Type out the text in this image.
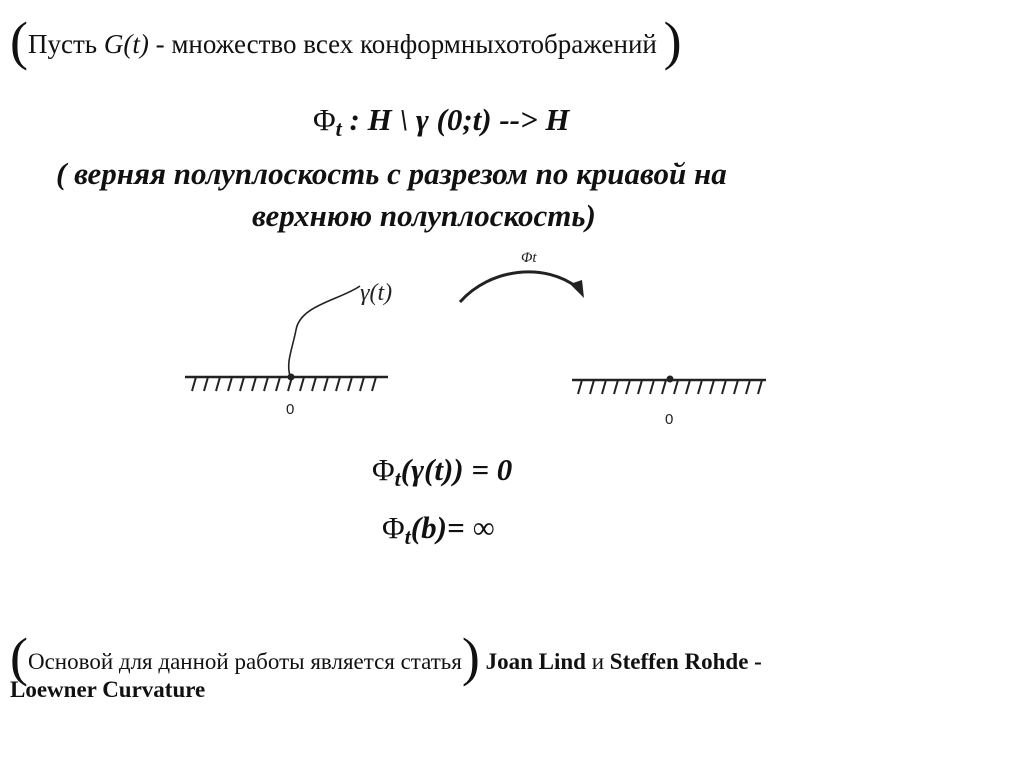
(Пусть G(t) - множество всех конформныхотображений )
$\Phi_t$ : H \ γ (0;t) --> H
( верняя полуплоскость с разрезом по криавой на
верхнюю полуплоскость)
γ(t)
0
Φt
0
$\Phi_t(\gamma(t)) = 0$
$\Phi_t(b)=$ ∞
(Основой для данной работы является статья) Joan Lind и Steffen Rohde -
Loewner Curvature
